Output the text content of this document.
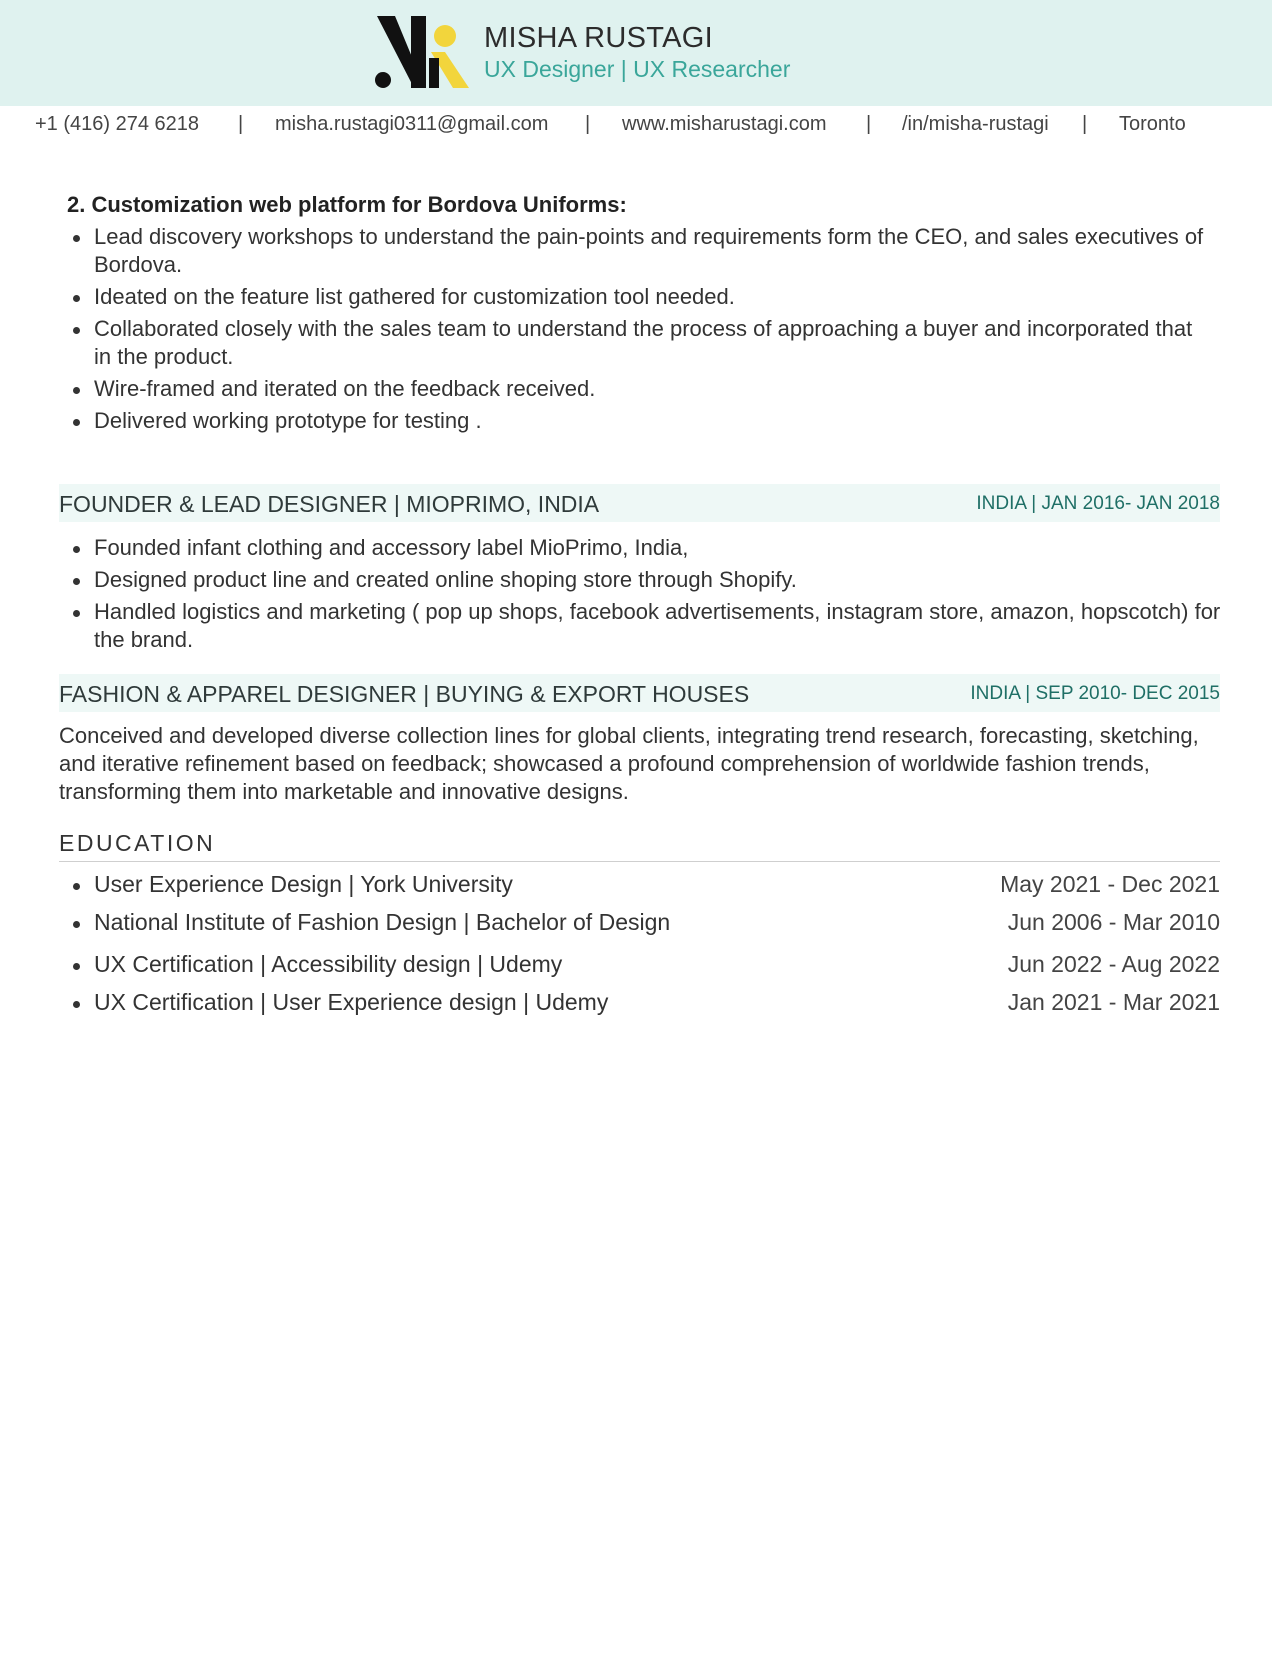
MISHA RUSTAGI
UX Designer | UX Researcher
+1 (416) 274 6218 | misha.rustagi0311@gmail.com | www.misharustagi.com | /in/misha-rustagi | Toronto
2. Customization web platform for Bordova Uniforms:
Lead discovery workshops to understand the pain-points and requirements form the CEO, and sales executives of Bordova.
Ideated on the feature list gathered for customization tool needed.
Collaborated closely with the sales team to understand the process of approaching a buyer and incorporated that in the product.
Wire-framed and iterated on the feedback received.
Delivered working prototype for testing .
FOUNDER & LEAD DESIGNER | MIOPRIMO, INDIA	INDIA | JAN 2016- JAN 2018
Founded infant clothing and accessory label MioPrimo, India,
Designed product line and created online shoping store through Shopify.
Handled logistics and marketing ( pop up shops, facebook advertisements, instagram store, amazon, hopscotch) for the brand.
FASHION & APPAREL DESIGNER | BUYING & EXPORT HOUSES	INDIA | SEP 2010- DEC 2015
Conceived and developed diverse collection lines for global clients, integrating trend research, forecasting, sketching, and iterative refinement based on feedback; showcased a profound comprehension of worldwide fashion trends, transforming them into marketable and innovative designs.
EDUCATION
User Experience Design | York University	May 2021 - Dec 2021
National Institute of Fashion Design | Bachelor of Design	Jun 2006 - Mar 2010
UX Certification | Accessibility design | Udemy	Jun 2022 - Aug 2022
UX Certification | User Experience design | Udemy	Jan 2021 - Mar 2021
